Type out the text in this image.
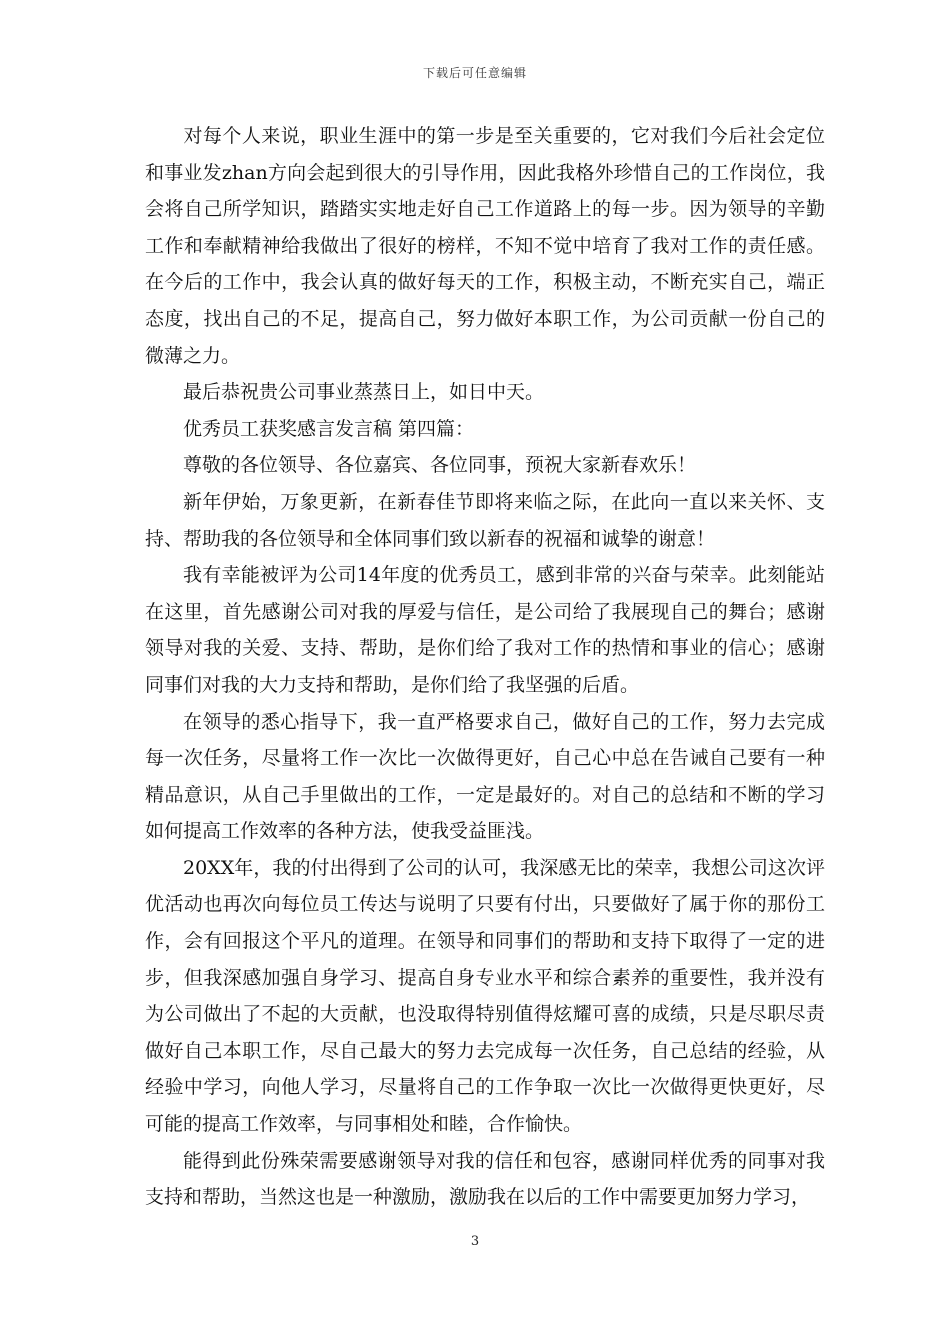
下载后可任意编辑

对每个人来说，职业生涯中的第一步是至关重要的，它对我们今后社会定位和事业发zhan方向会起到很大的引导作用，因此我格外珍惜自己的工作岗位，我会将自己所学知识，踏踏实实地走好自己工作道路上的每一步。因为领导的辛勤工作和奉献精神给我做出了很好的榜样，不知不觉中培育了我对工作的责任感。在今后的工作中，我会认真的做好每天的工作，积极主动，不断充实自己，端正态度，找出自己的不足，提高自己，努力做好本职工作，为公司贡献一份自己的微薄之力。

最后恭祝贵公司事业蒸蒸日上，如日中天。

优秀员工获奖感言发言稿 第四篇：

尊敬的各位领导、各位嘉宾、各位同事，预祝大家新春欢乐！

新年伊始，万象更新，在新春佳节即将来临之际，在此向一直以来关怀、支持、帮助我的各位领导和全体同事们致以新春的祝福和诚挚的谢意！

我有幸能被评为公司14年度的优秀员工，感到非常的兴奋与荣幸。此刻能站在这里，首先感谢公司对我的厚爱与信任，是公司给了我展现自己的舞台；感谢领导对我的关爱、支持、帮助，是你们给了我对工作的热情和事业的信心；感谢同事们对我的大力支持和帮助，是你们给了我坚强的后盾。

在领导的悉心指导下，我一直严格要求自己，做好自己的工作，努力去完成每一次任务，尽量将工作一次比一次做得更好，自己心中总在告诫自己要有一种精品意识，从自己手里做出的工作，一定是最好的。对自己的总结和不断的学习如何提高工作效率的各种方法，使我受益匪浅。

20XX年，我的付出得到了公司的认可，我深感无比的荣幸，我想公司这次评优活动也再次向每位员工传达与说明了只要有付出，只要做好了属于你的那份工作，会有回报这个平凡的道理。在领导和同事们的帮助和支持下取得了一定的进步，但我深感加强自身学习、提高自身专业水平和综合素养的重要性，我并没有为公司做出了不起的大贡献，也没取得特别值得炫耀可喜的成绩，只是尽职尽责做好自己本职工作，尽自己最大的努力去完成每一次任务，自己总结的经验，从经验中学习，向他人学习，尽量将自己的工作争取一次比一次做得更快更好，尽可能的提高工作效率，与同事相处和睦，合作愉快。

能得到此份殊荣需要感谢领导对我的信任和包容，感谢同样优秀的同事对我支持和帮助，当然这也是一种激励，激励我在以后的工作中需要更加努力学习，

3
